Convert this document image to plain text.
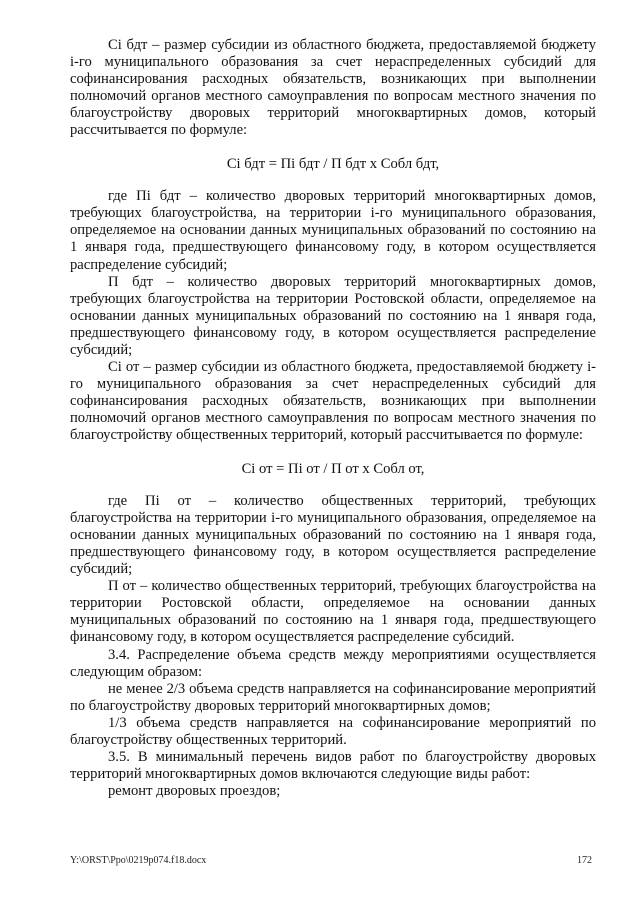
Сi бдт – размер субсидии из областного бюджета, предоставляемой бюджету i-го муниципального образования за счет нераспределенных субсидий для софинансирования расходных обязательств, возникающих при выполнении полномочий органов местного самоуправления по вопросам местного значения по благоустройству дворовых территорий многоквартирных домов, который рассчитывается по формуле:

Сi бдт = Пi бдт / П бдт х Собл бдт,

где Пi бдт – количество дворовых территорий многоквартирных домов, требующих благоустройства, на территории i-го муниципального образования, определяемое на основании данных муниципальных образований по состоянию на 1 января года, предшествующего финансовому году, в котором осуществляется распределение субсидий;

П бдт – количество дворовых территорий многоквартирных домов, требующих благоустройства на территории Ростовской области, определяемое на основании данных муниципальных образований по состоянию на 1 января года, предшествующего финансовому году, в котором осуществляется распределение субсидий;

Сi от – размер субсидии из областного бюджета, предоставляемой бюджету i-го муниципального образования за счет нераспределенных субсидий для софинансирования расходных обязательств, возникающих при выполнении полномочий органов местного самоуправления по вопросам местного значения по благоустройству общественных территорий, который рассчитывается по формуле:

Сi от = Пi от / П от х Собл от,

где Пi от – количество общественных территорий, требующих благоустройства на территории i-го муниципального образования, определяемое на основании данных муниципальных образований по состоянию на 1 января года, предшествующего финансовому году, в котором осуществляется распределение субсидий;

П от – количество общественных территорий, требующих благоустройства на территории Ростовской области, определяемое на основании данных муниципальных образований по состоянию на 1 января года, предшествующего финансовому году, в котором осуществляется распределение субсидий.

3.4. Распределение объема средств между мероприятиями осуществляется следующим образом:

не менее 2/3 объема средств направляется на софинансирование мероприятий по благоустройству дворовых территорий многоквартирных домов;

1/3 объема средств направляется на софинансирование мероприятий по благоустройству общественных территорий.

3.5. В минимальный перечень видов работ по благоустройству дворовых территорий многоквартирных домов включаются следующие виды работ:

ремонт дворовых проездов;

Y:\ORST\Ppo\0219p074.f18.docx	172
